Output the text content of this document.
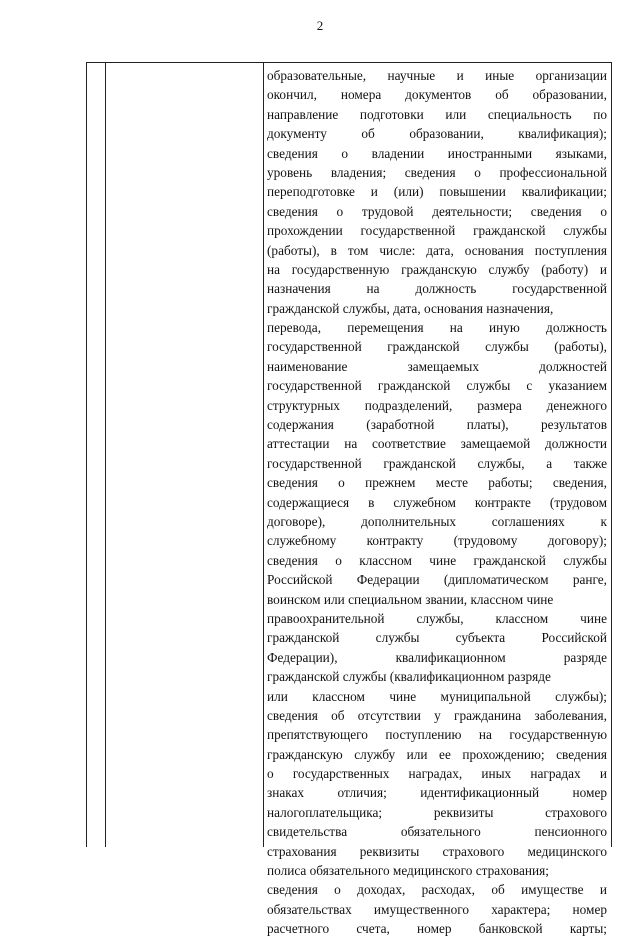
2
образовательные, научные и иные организации
окончил, номера документов об образовании,
направление подготовки или специальность по
документу об образовании, квалификация);
сведения о владении иностранными языками,
уровень владения; сведения о профессиональной
переподготовке и (или) повышении квалификации;
сведения о трудовой деятельности; сведения о
прохождении государственной гражданской службы
(работы), в том числе: дата, основания поступления
на государственную гражданскую службу (работу) и
назначения на должность государственной
гражданской службы, дата, основания назначения,
перевода, перемещения на иную должность
государственной гражданской службы (работы),
наименование замещаемых должностей
государственной гражданской службы с указанием
структурных подразделений, размера денежного
содержания (заработной платы), результатов
аттестации на соответствие замещаемой должности
государственной гражданской службы, а также
сведения о прежнем месте работы; сведения,
содержащиеся в служебном контракте (трудовом
договоре), дополнительных соглашениях к
служебному контракту (трудовому договору);
сведения о классном чине гражданской службы
Российской Федерации (дипломатическом ранге,
воинском или специальном звании, классном чине
правоохранительной службы, классном чине
гражданской службы субъекта Российской
Федерации), квалификационном разряде
гражданской службы (квалификационном разряде
или классном чине муниципальной службы);
сведения об отсутствии у гражданина заболевания,
препятствующего поступлению на государственную
гражданскую службу или ее прохождению; сведения
о государственных наградах, иных наградах и
знаках отличия; идентификационный номер
налогоплательщика; реквизиты страхового
свидетельства обязательного пенсионного
страхования реквизиты страхового медицинского
полиса обязательного медицинского страхования;
сведения о доходах, расходах, об имуществе и
обязательствах имущественного характера; номер
расчетного счета, номер банковской карты;
